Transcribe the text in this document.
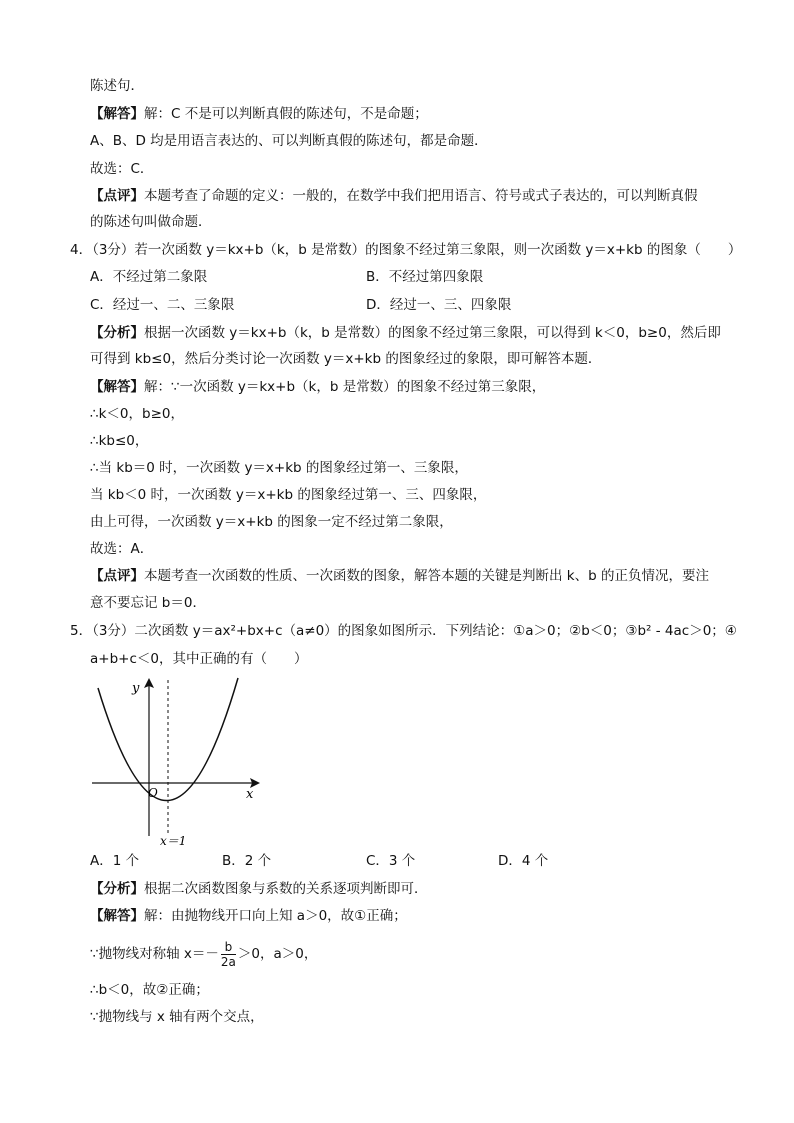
陈述句．
【解答】解：C 不是可以判断真假的陈述句，不是命题；
A、B、D 均是用语言表达的、可以判断真假的陈述句，都是命题．
故选：C．
【点评】本题考查了命题的定义：一般的，在数学中我们把用语言、符号或式子表达的，可以判断真假
的陈述句叫做命题．
4．（3分）若一次函数 y＝kx+b（k，b 是常数）的图象不经过第三象限，则一次函数 y＝x+kb 的图象（　　）
A．不经过第二象限	B．不经过第四象限
C．经过一、二、三象限	D．经过一、三、四象限
【分析】根据一次函数 y＝kx+b（k，b 是常数）的图象不经过第三象限，可以得到 k＜0，b≥0，然后即
可得到 kb≤0，然后分类讨论一次函数 y＝x+kb 的图象经过的象限，即可解答本题．
【解答】解：∵一次函数 y＝kx+b（k，b 是常数）的图象不经过第三象限，
∴k＜0，b≥0，
∴kb≤0，
∴当 kb＝0 时，一次函数 y＝x+kb 的图象经过第一、三象限，
当 kb＜0 时，一次函数 y＝x+kb 的图象经过第一、三、四象限，
由上可得，一次函数 y＝x+kb 的图象一定不经过第二象限，
故选：A．
【点评】本题考查一次函数的性质、一次函数的图象，解答本题的关键是判断出 k、b 的正负情况，要注
意不要忘记 b＝0．
5．（3分）二次函数 y＝ax²+bx+c（a≠0）的图象如图所示．下列结论：①a＞0；②b＜0；③b² - 4ac＞0；④
a+b+c＜0，其中正确的有（　　）
y
x
O
x＝1
A．1 个	B．2 个	C．3 个	D．4 个
【分析】根据二次函数图象与系数的关系逐项判断即可．
【解答】解：由抛物线开口向上知 a＞0，故①正确；
∵抛物线对称轴 $x=- \frac{b}{2a} >0$，a＞0，
∴b＜0，故②正确；
∵抛物线与 x 轴有两个交点，
